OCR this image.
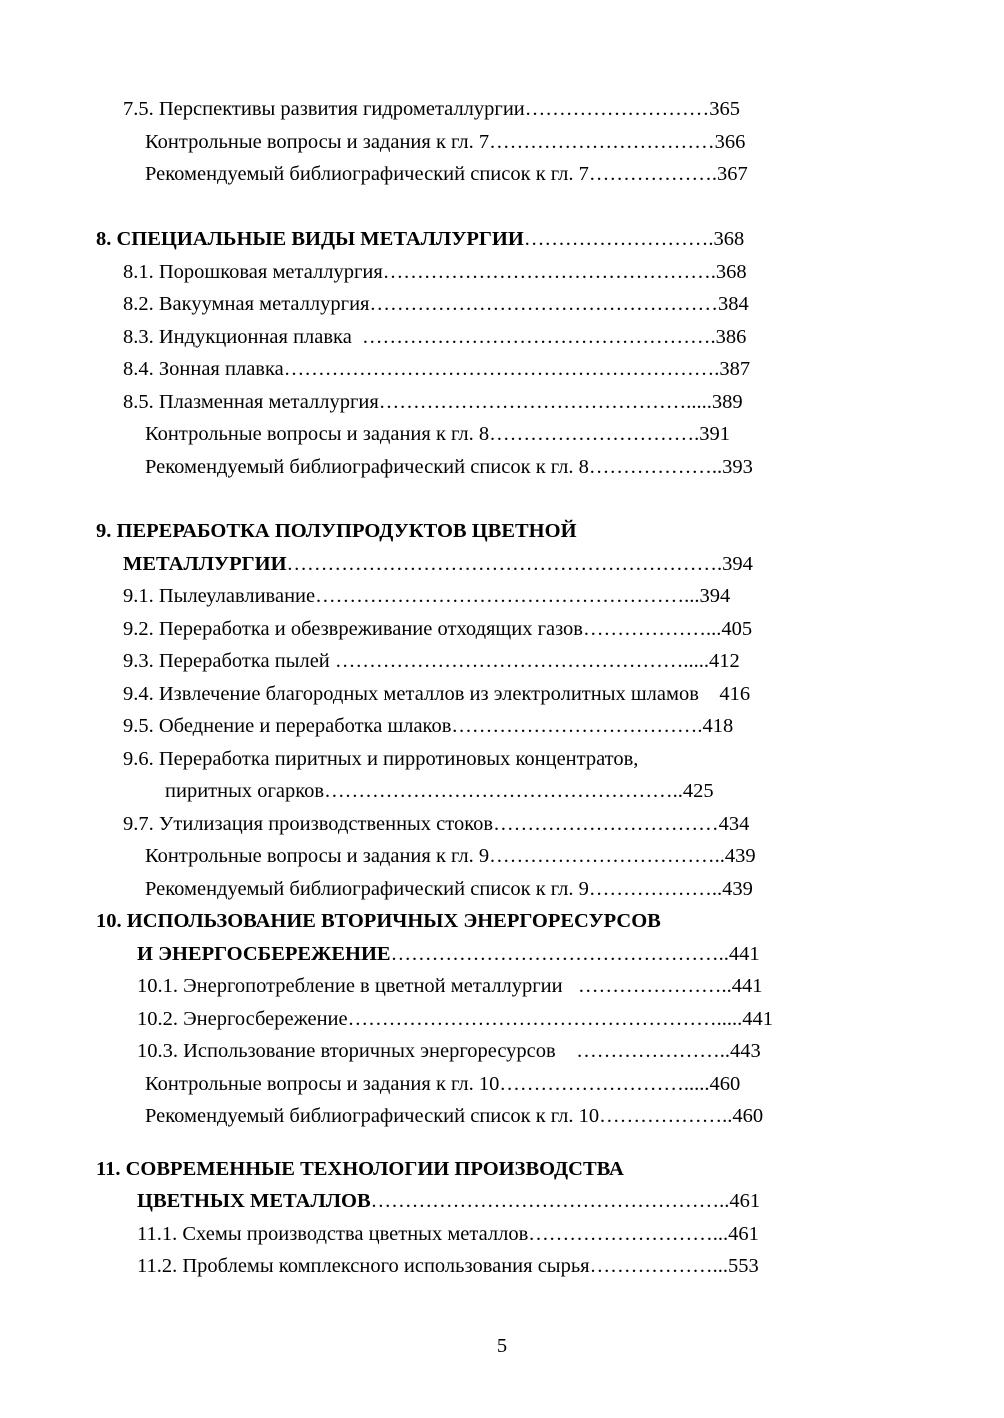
7.5. Перспективы развития гидрометаллургии………………………365
Контрольные вопросы и задания к гл. 7……………………………366
Рекомендуемый библиографический список к гл. 7……………….367
8. СПЕЦИАЛЬНЫЕ ВИДЫ МЕТАЛЛУРГИИ……………………….368
8.1. Порошковая металлургия………………………………………….368
8.2. Вакуумная металлургия……………………………………………384
8.3. Индукционная плавка  …………………………………………….386
8.4. Зонная плавка……………………………………………………….387
8.5. Плазменная металлургия……………………………………….....389
Контрольные вопросы и задания к гл. 8………………………….391
Рекомендуемый библиографический список к гл. 8………………..393
9. ПЕРЕРАБОТКА ПОЛУПРОДУКТОВ ЦВЕТНОЙ
МЕТАЛЛУРГИИ……………………………………………………….394
9.1. Пылеулавливание………………………………………………...394
9.2. Переработка и обезвреживание отходящих газов………………...405
9.3. Переработка пылей …………………………………………….....412
9.4. Извлечение благородных металлов из электролитных шламов    416
9.5. Обеднение и переработка шлаков……………………………….418
9.6. Переработка пиритных и пирротиновых концентратов,
пиритных огарков……………………………………………..425
9.7. Утилизация производственных стоков……………………………434
Контрольные вопросы и задания к гл. 9……………………………..439
Рекомендуемый библиографический список к гл. 9………………..439
10. ИСПОЛЬЗОВАНИЕ ВТОРИЧНЫХ ЭНЕРГОРЕСУРСОВ
И ЭНЕРГОСБЕРЕЖЕНИЕ…………………………………………..441
10.1. Энергопотребление в цветной металлургии   …………………..441
10.2. Энергосбережение……………………………………………….....441
10.3. Использование вторичных энергоресурсов    …………………..443
Контрольные вопросы и задания к гл. 10……………………….....460
Рекомендуемый библиографический список к гл. 10………………..460
11. СОВРЕМЕННЫЕ ТЕХНОЛОГИИ ПРОИЗВОДСТВА
ЦВЕТНЫХ МЕТАЛЛОВ……………………………………………..461
11.1. Схемы производства цветных металлов………………………...461
11.2. Проблемы комплексного использования сырья………………...553
5
